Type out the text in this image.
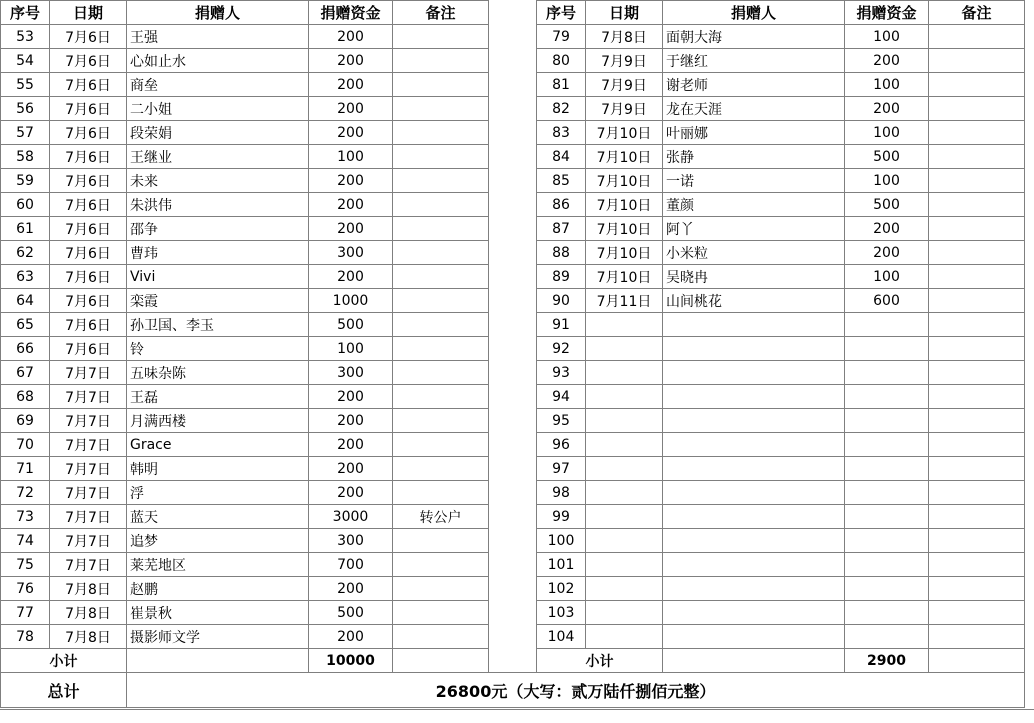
序号	日期	捐赠人	捐赠资金	备注		序号	日期	捐赠人	捐赠资金	备注
53	7月6日	王强	200			79	7月8日	面朝大海	100	
54	7月6日	心如止水	200			80	7月9日	于继红	200	
55	7月6日	商垒	200			81	7月9日	谢老师	100	
56	7月6日	二小姐	200			82	7月9日	龙在天涯	200	
57	7月6日	段荣娟	200			83	7月10日	叶丽娜	100	
58	7月6日	王继业	100			84	7月10日	张静	500	
59	7月6日	未来	200			85	7月10日	一诺	100	
60	7月6日	朱洪伟	200			86	7月10日	董颜	500	
61	7月6日	邵争	200			87	7月10日	阿丫	200	
62	7月6日	曹玮	300			88	7月10日	小米粒	200	
63	7月6日	Vivi	200			89	7月10日	吴晓冉	100	
64	7月6日	栾霞	1000			90	7月11日	山间桃花	600	
65	7月6日	孙卫国、李玉	500			91				
66	7月6日	铃	100			92				
67	7月7日	五味杂陈	300			93				
68	7月7日	王磊	200			94				
69	7月7日	月满西楼	200			95				
70	7月7日	Grace	200			96				
71	7月7日	韩明	200			97				
72	7月7日	浮	200			98				
73	7月7日	蓝天	3000	转公户		99				
74	7月7日	追梦	300			100				
75	7月7日	莱芜地区	700			101				
76	7月8日	赵鹏	200			102				
77	7月8日	崔景秋	500			103				
78	7月8日	摄影师文学	200			104				
小计			10000			小计			2900	
总计		26800元（大写：贰万陆仟捌佰元整）								
